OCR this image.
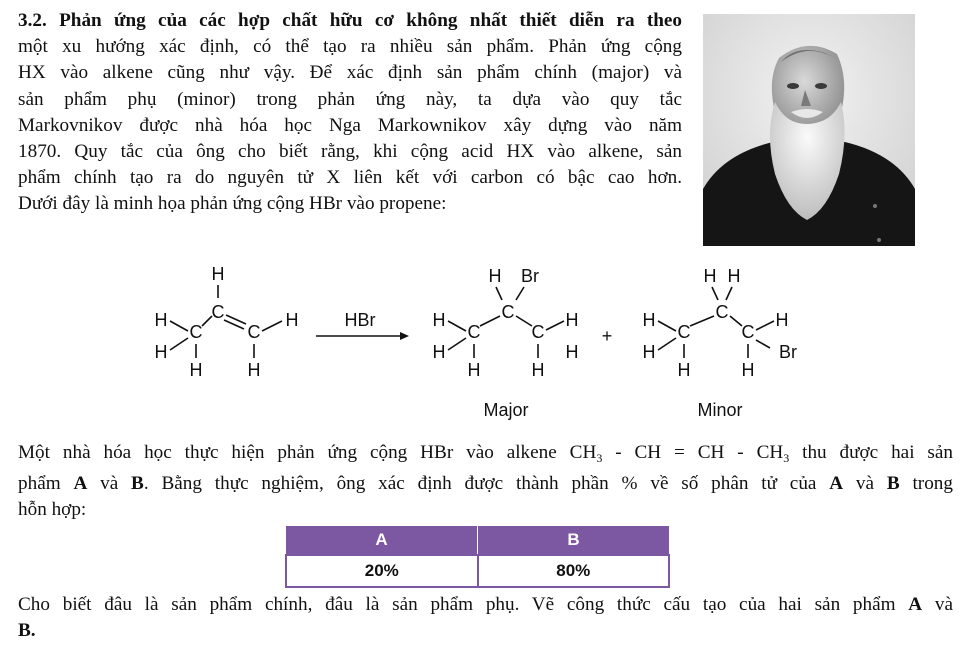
3.2. Phản ứng của các hợp chất hữu cơ không nhất thiết diễn ra theo
một xu hướng xác định, có thể tạo ra nhiều sản phẩm. Phản ứng cộng
HX vào alkene cũng như vậy. Để xác định sản phẩm chính (major) và
sản phẩm phụ (minor) trong phản ứng này, ta dựa vào quy tắc
Markovnikov được nhà hóa học Nga Markownikov xây dựng vào năm
1870. Quy tắc của ông cho biết rằng, khi cộng acid HX vào alkene, sản
phẩm chính tạo ra do nguyên tử X liên kết với carbon có bậc cao hơn.
Dưới đây là minh họa phản ứng cộng HBr vào propene:
H
C
C	C
H
H
H
H
H
HBr
H Br
C
C	C
H
H
H
H
H
H
+
H H
C
C	C
H
H
H
H
Br
H
Major	Minor
Một nhà hóa học thực hiện phản ứng cộng HBr vào alkene $CH_3$ - CH = CH - $CH_3$ thu được hai sản
phẩm A và B. Bằng thực nghiệm, ông xác định được thành phần % về số phân tử của A và B trong
hỗn hợp:
A	B
20%	80%
Cho biết đâu là sản phẩm chính, đâu là sản phẩm phụ. Vẽ công thức cấu tạo của hai sản phẩm A và
B.
